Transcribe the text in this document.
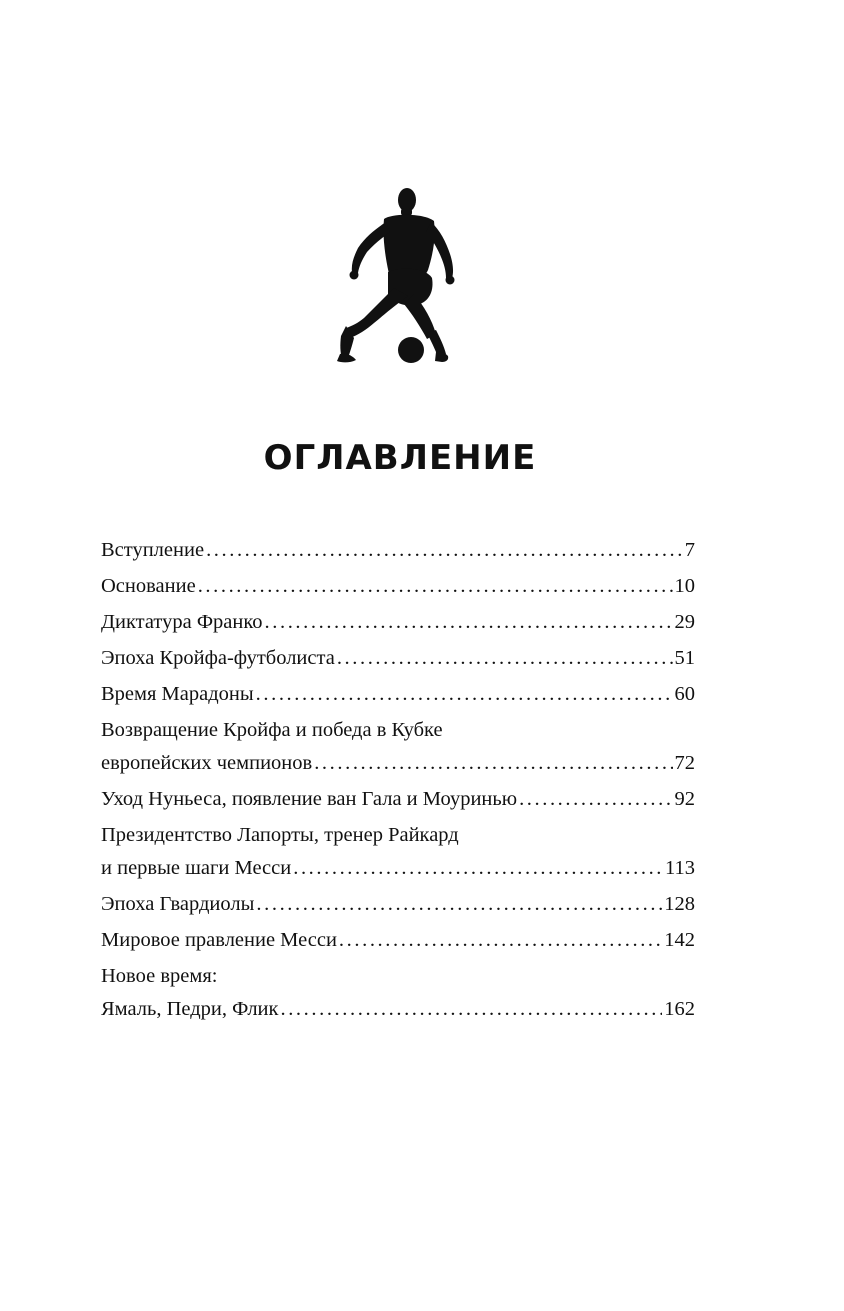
ОГЛАВЛЕНИЕ
Вступление .....	7
Основание .....	10
Диктатура Франко .....	29
Эпоха Кройфа-футболиста .....	51
Время Марадоны .....	60
Возвращение Кройфа и победа в Кубке
европейских чемпионов .....	72
Уход Нуньеса, появление ван Гала и Моуринью .....	92
Президентство Лапорты, тренер Райкард
и первые шаги Месси .....	113
Эпоха Гвардиолы .....	128
Мировое правление Месси .....	142
Новое время:
Ямаль, Педри, Флик .....	162
